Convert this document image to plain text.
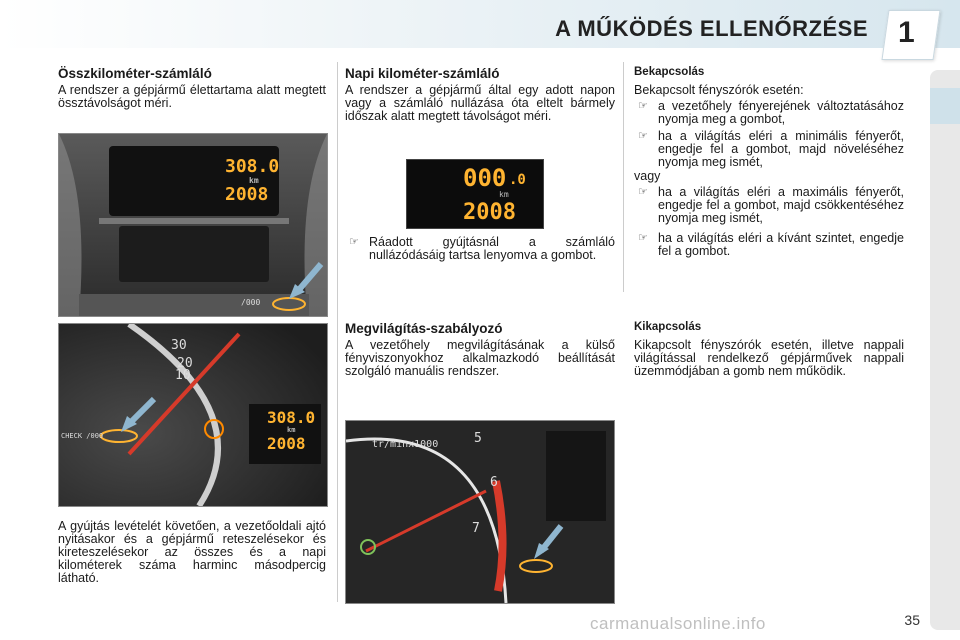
A MŰKÖDÉS ELLENŐRZÉSE 1
Összkilométer-számláló

A rendszer a gépjármű élettartama alatt megtett össztávolságot méri.

308.0
km
2008
/000
30
20
10
308.0
km
2008
CHECK /000

A gyújtás levételét követően, a vezetőoldali ajtó nyitásakor és a gépjármű reteszelésekor és kireteszelésekor az összes és a napi kilométerek száma harminc másodpercig látható.

Napi kilométer-számláló

A rendszer a gépjármű által egy adott napon vagy a számláló nullázása óta eltelt bármely időszak alatt megtett távolságot méri.

000 .0
km
2008
☞ Ráadott gyújtásnál a számláló nullázódásáig tartsa lenyomva a gombot.
Megvilágítás-szabályozó

A vezetőhely megvilágításának a külső fényviszonyokhoz alkalmazkodó beállítását szolgáló manuális rendszer.

tr/minx1000	5
6
7
Bekapcsolás

Bekapcsolt fényszórók esetén:

☞ a vezetőhely fényerejének változtatásához nyomja meg a gombot,
☞ ha a világítás eléri a minimális fényerőt, engedje fel a gombot, majd növeléséhez nyomja meg ismét,

vagy

☞ ha a világítás eléri a maximális fényerőt, engedje fel a gombot, majd csökkentéséhez nyomja meg ismét,
☞ ha a világítás eléri a kívánt szintet, engedje fel a gombot.
Kikapcsolás

Kikapcsolt fényszórók esetén, illetve nappali világítással rendelkező gépjárművek nappali üzemmódjában a gomb nem működik.

carmanualsonline.info	35
